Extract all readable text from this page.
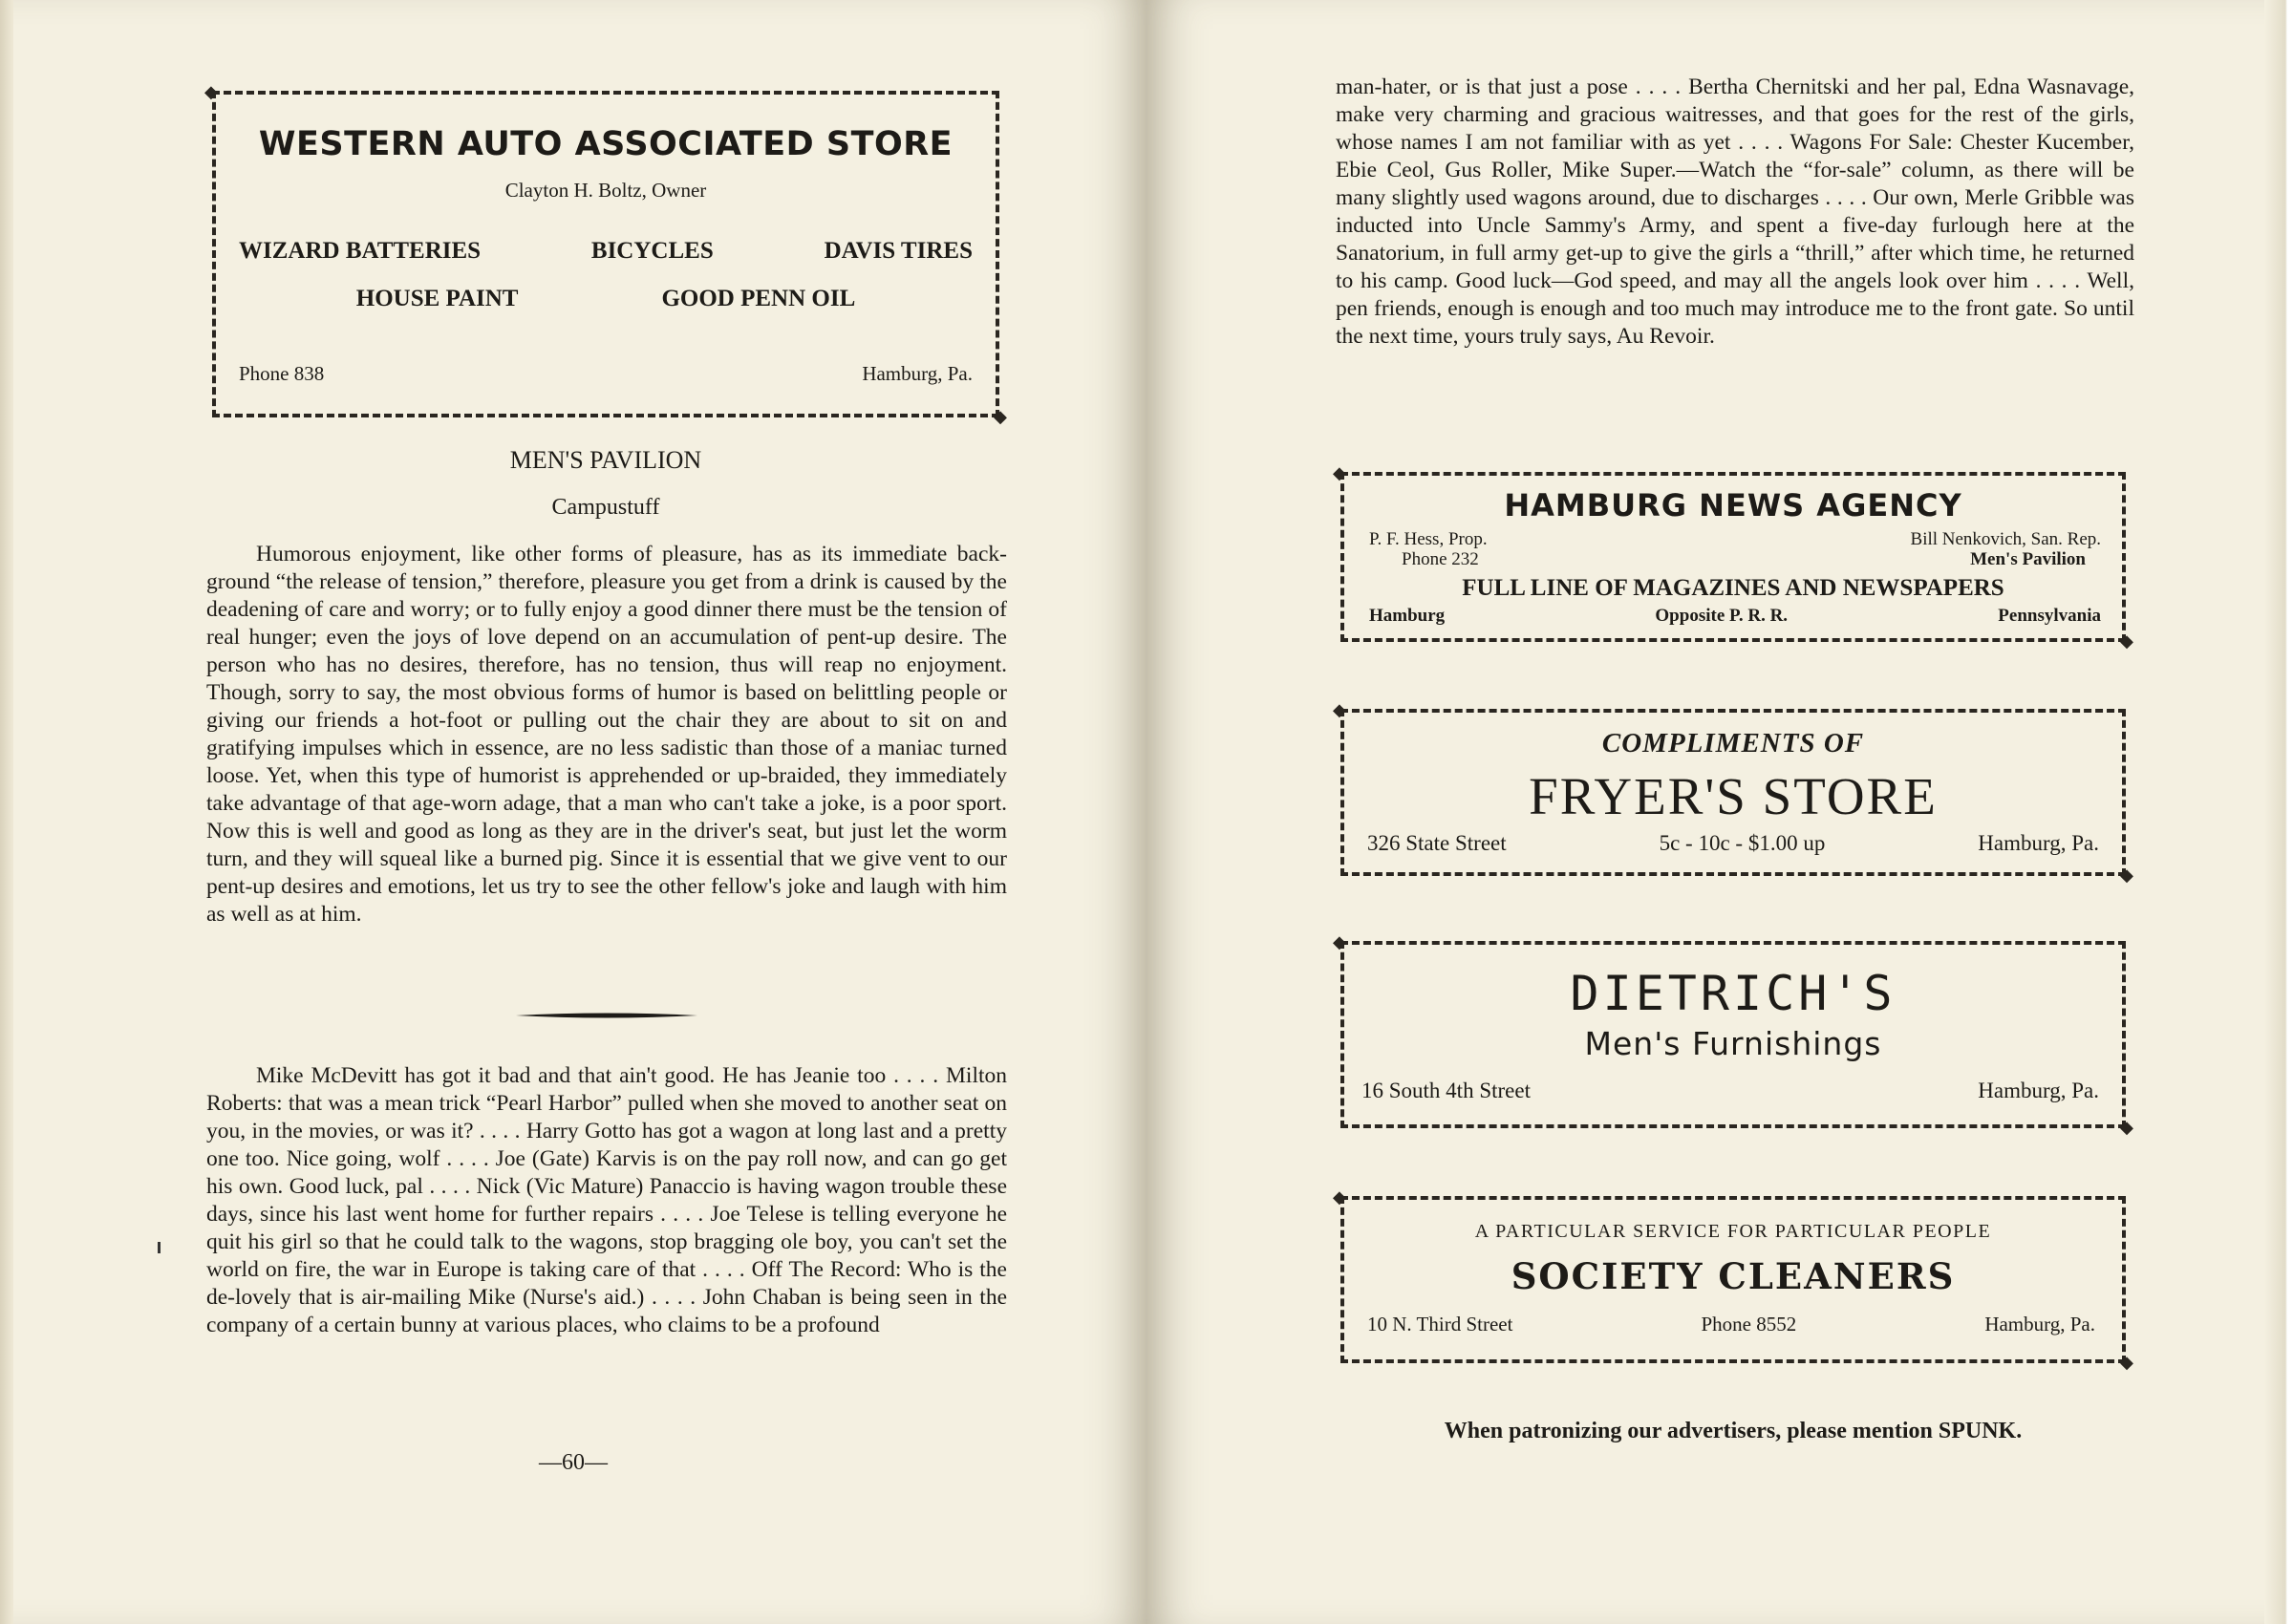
◆ WESTERN AUTO ASSOCIATED STORE
Clayton H. Boltz, Owner
WIZARD BATTERIES	BICYCLES	DAVIS TIRES
HOUSE PAINT	GOOD PENN OIL
Phone 838	Hamburg, Pa.
◆
MEN'S PAVILION
Campustuff

Humorous enjoyment, like other forms of pleasure, has as its immediate back-ground “the release of tension,” therefore, pleasure you get from a drink is caused by the deadening of care and worry; or to fully enjoy a good dinner there must be the tension of real hunger; even the joys of love depend on an accumulation of pent-up desire. The person who has no desires, therefore, has no tension, thus will reap no enjoyment. Though, sorry to say, the most obvious forms of humor is based on belittling people or giving our friends a hot-foot or pulling out the chair they are about to sit on and gratifying impulses which in essence, are no less sadistic than those of a maniac turned loose. Yet, when this type of humorist is apprehended or up-braided, they immediately take advantage of that age-worn adage, that a man who can't take a joke, is a poor sport. Now this is well and good as long as they are in the driver's seat, but just let the worm turn, and they will squeal like a burned pig. Since it is essential that we give vent to our pent-up desires and emotions, let us try to see the other fellow's joke and laugh with him as well as at him.

Mike McDevitt has got it bad and that ain't good. He has Jeanie too . . . . Milton Roberts: that was a mean trick “Pearl Harbor” pulled when she moved to another seat on you, in the movies, or was it? . . . . Harry Gotto has got a wagon at long last and a pretty one too. Nice going, wolf . . . . Joe (Gate) Karvis is on the pay roll now, and can go get his own. Good luck, pal . . . . Nick (Vic Mature) Panaccio is having wagon trouble these days, since his last went home for further repairs . . . . Joe Telese is telling everyone he quit his girl so that he could talk to the wagons, stop bragging ole boy, you can't set the world on fire, the war in Europe is taking care of that . . . . Off The Record: Who is the de-lovely that is air-mailing Mike (Nurse's aid.) . . . . John Chaban is being seen in the company of a certain bunny at various places, who claims to be a profound

—60—

man-hater, or is that just a pose . . . . Bertha Chernitski and her pal, Edna Wasnavage, make very charming and gracious waitresses, and that goes for the rest of the girls, whose names I am not familiar with as yet . . . . Wagons For Sale: Chester Kucember, Ebie Ceol, Gus Roller, Mike Super.—Watch the “for-sale” column, as there will be many slightly used wagons around, due to discharges . . . . Our own, Merle Gribble was inducted into Uncle Sammy's Army, and spent a five-day furlough here at the Sanatorium, in full army get-up to give the girls a “thrill,” after which time, he returned to his camp. Good luck—God speed, and may all the angels look over him . . . . Well, pen friends, enough is enough and too much may introduce me to the front gate. So until the next time, yours truly says, Au Revoir.

◆ HAMBURG NEWS AGENCY
P. F. Hess, Prop.
Phone 232
Bill Nenkovich, San. Rep.
Men's Pavilion
FULL LINE OF MAGAZINES AND NEWSPAPERS
Hamburg	Opposite P. R. R.	Pennsylvania
◆
◆ COMPLIMENTS OF
FRYER'S STORE
326 State Street	5c - 10c - $1.00 up	Hamburg, Pa.
◆
◆ DIETRICH'S
Men's Furnishings
16 South 4th Street	Hamburg, Pa.
◆
◆ A PARTICULAR SERVICE FOR PARTICULAR PEOPLE
SOCIETY CLEANERS
10 N. Third Street	Phone 8552	Hamburg, Pa.
◆
When patronizing our advertisers, please mention SPUNK.
